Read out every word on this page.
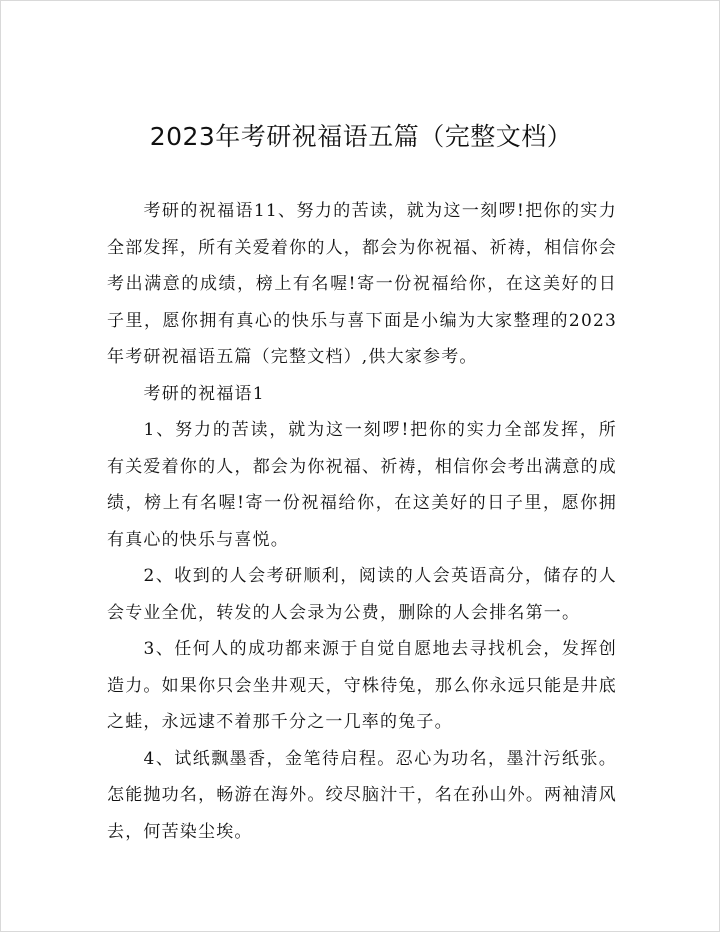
2023年考研祝福语五篇（完整文档）

考研的祝福语11、努力的苦读，就为这一刻啰!把你的实力全部发挥，所有关爱着你的人，都会为你祝福、祈祷，相信你会考出满意的成绩，榜上有名喔!寄一份祝福给你，在这美好的日子里，愿你拥有真心的快乐与喜下面是小编为大家整理的2023年考研祝福语五篇（完整文档）,供大家参考。

考研的祝福语1

1、努力的苦读，就为这一刻啰!把你的实力全部发挥，所有关爱着你的人，都会为你祝福、祈祷，相信你会考出满意的成绩，榜上有名喔!寄一份祝福给你，在这美好的日子里，愿你拥有真心的快乐与喜悦。

2、收到的人会考研顺利，阅读的人会英语高分，储存的人会专业全优，转发的人会录为公费，删除的人会排名第一。

3、任何人的成功都来源于自觉自愿地去寻找机会，发挥创造力。如果你只会坐井观天，守株待兔，那么你永远只能是井底之蛙，永远逮不着那千分之一几率的兔子。

4、试纸飘墨香，金笔待启程。忍心为功名，墨汁污纸张。怎能抛功名，畅游在海外。绞尽脑汁干，名在孙山外。两袖清风去，何苦染尘埃。
